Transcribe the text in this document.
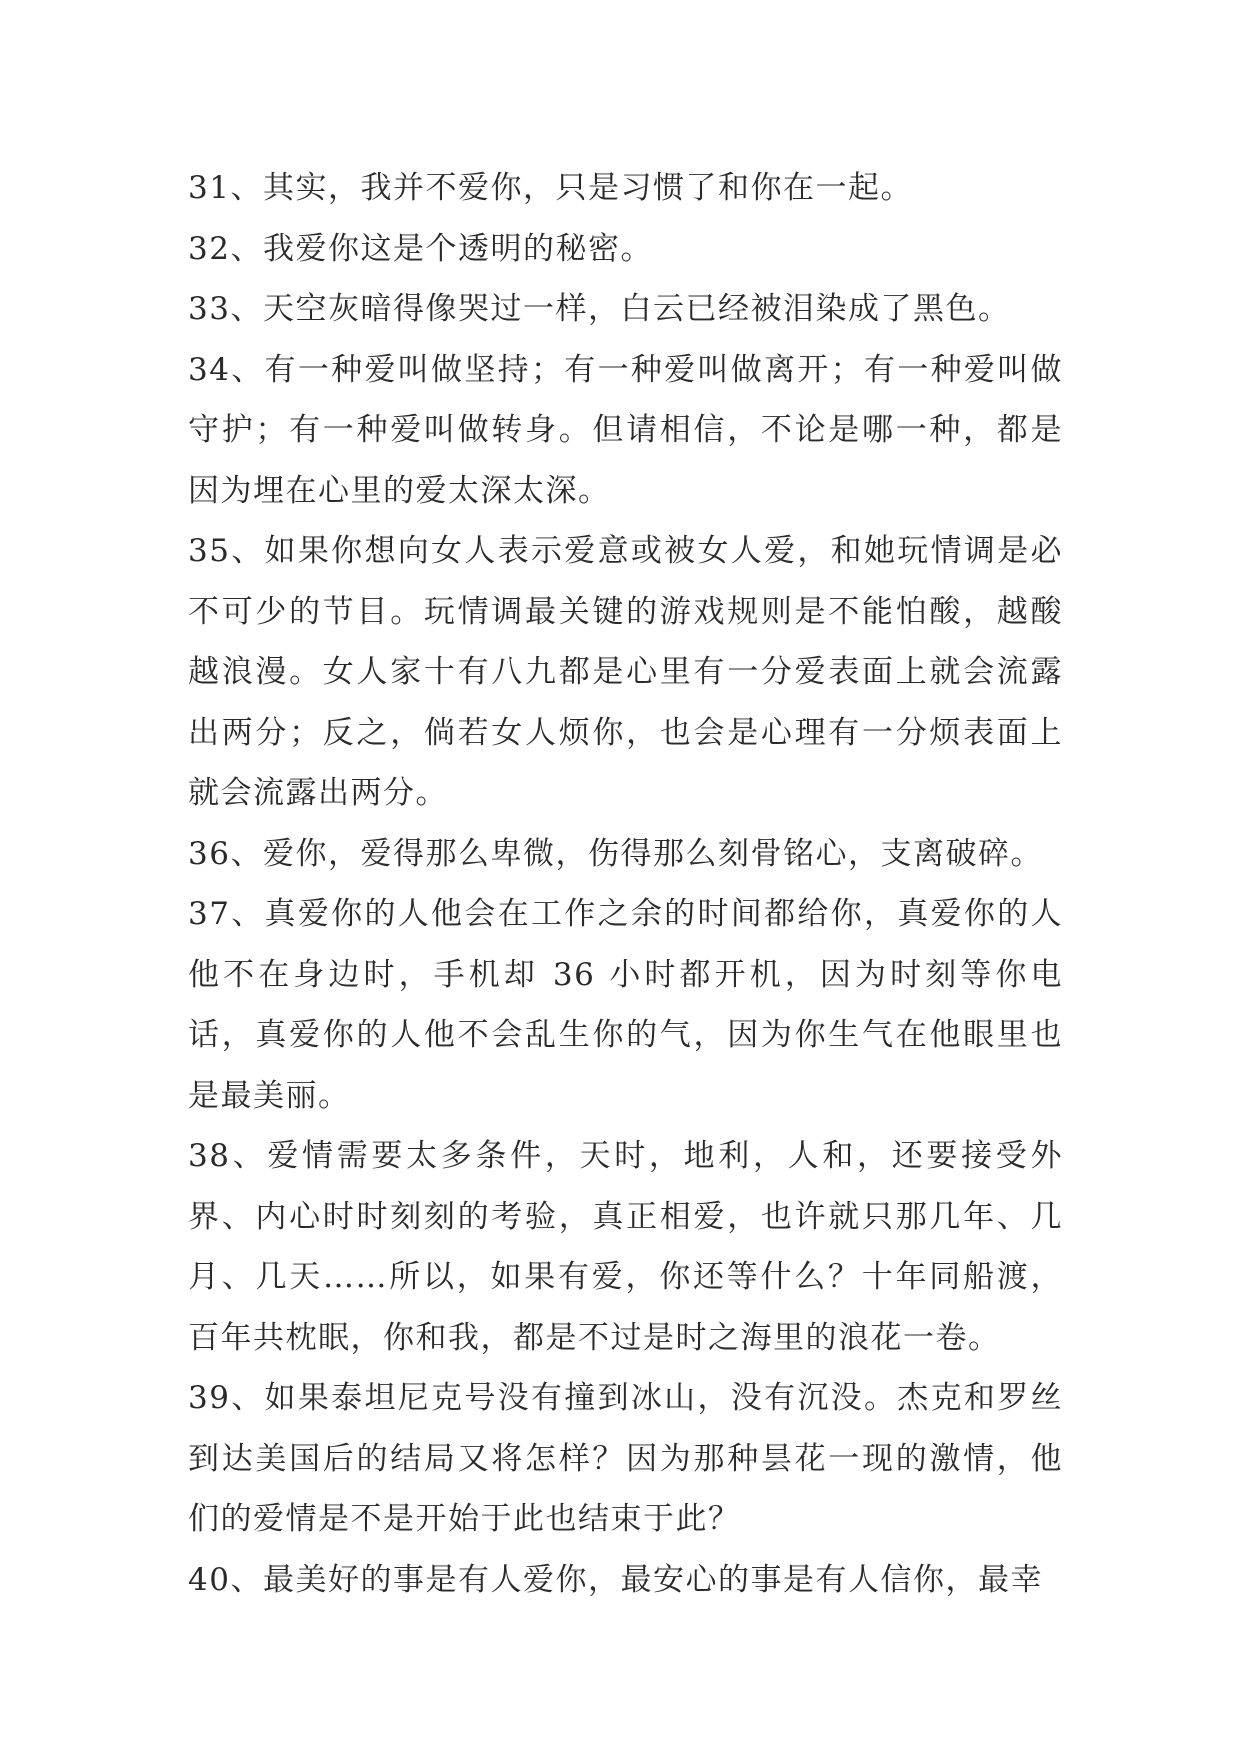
31、其实，我并不爱你，只是习惯了和你在一起。

32、我爱你这是个透明的秘密。

33、天空灰暗得像哭过一样，白云已经被泪染成了黑色。

34、有一种爱叫做坚持；有一种爱叫做离开；有一种爱叫做守护；有一种爱叫做转身。但请相信，不论是哪一种，都是因为埋在心里的爱太深太深。

35、如果你想向女人表示爱意或被女人爱，和她玩情调是必不可少的节目。玩情调最关键的游戏规则是不能怕酸，越酸越浪漫。女人家十有八九都是心里有一分爱表面上就会流露出两分；反之，倘若女人烦你，也会是心理有一分烦表面上就会流露出两分。

36、爱你，爱得那么卑微，伤得那么刻骨铭心，支离破碎。

37、真爱你的人他会在工作之余的时间都给你，真爱你的人他不在身边时，手机却 36 小时都开机，因为时刻等你电话，真爱你的人他不会乱生你的气，因为你生气在他眼里也是最美丽。

38、爱情需要太多条件，天时，地利，人和，还要接受外界、内心时时刻刻的考验，真正相爱，也许就只那几年、几月、几天……所以，如果有爱，你还等什么？十年同船渡，百年共枕眠，你和我，都是不过是时之海里的浪花一卷。

39、如果泰坦尼克号没有撞到冰山，没有沉没。杰克和罗丝到达美国后的结局又将怎样？因为那种昙花一现的激情，他们的爱情是不是开始于此也结束于此？

40、最美好的事是有人爱你，最安心的事是有人信你，最幸
